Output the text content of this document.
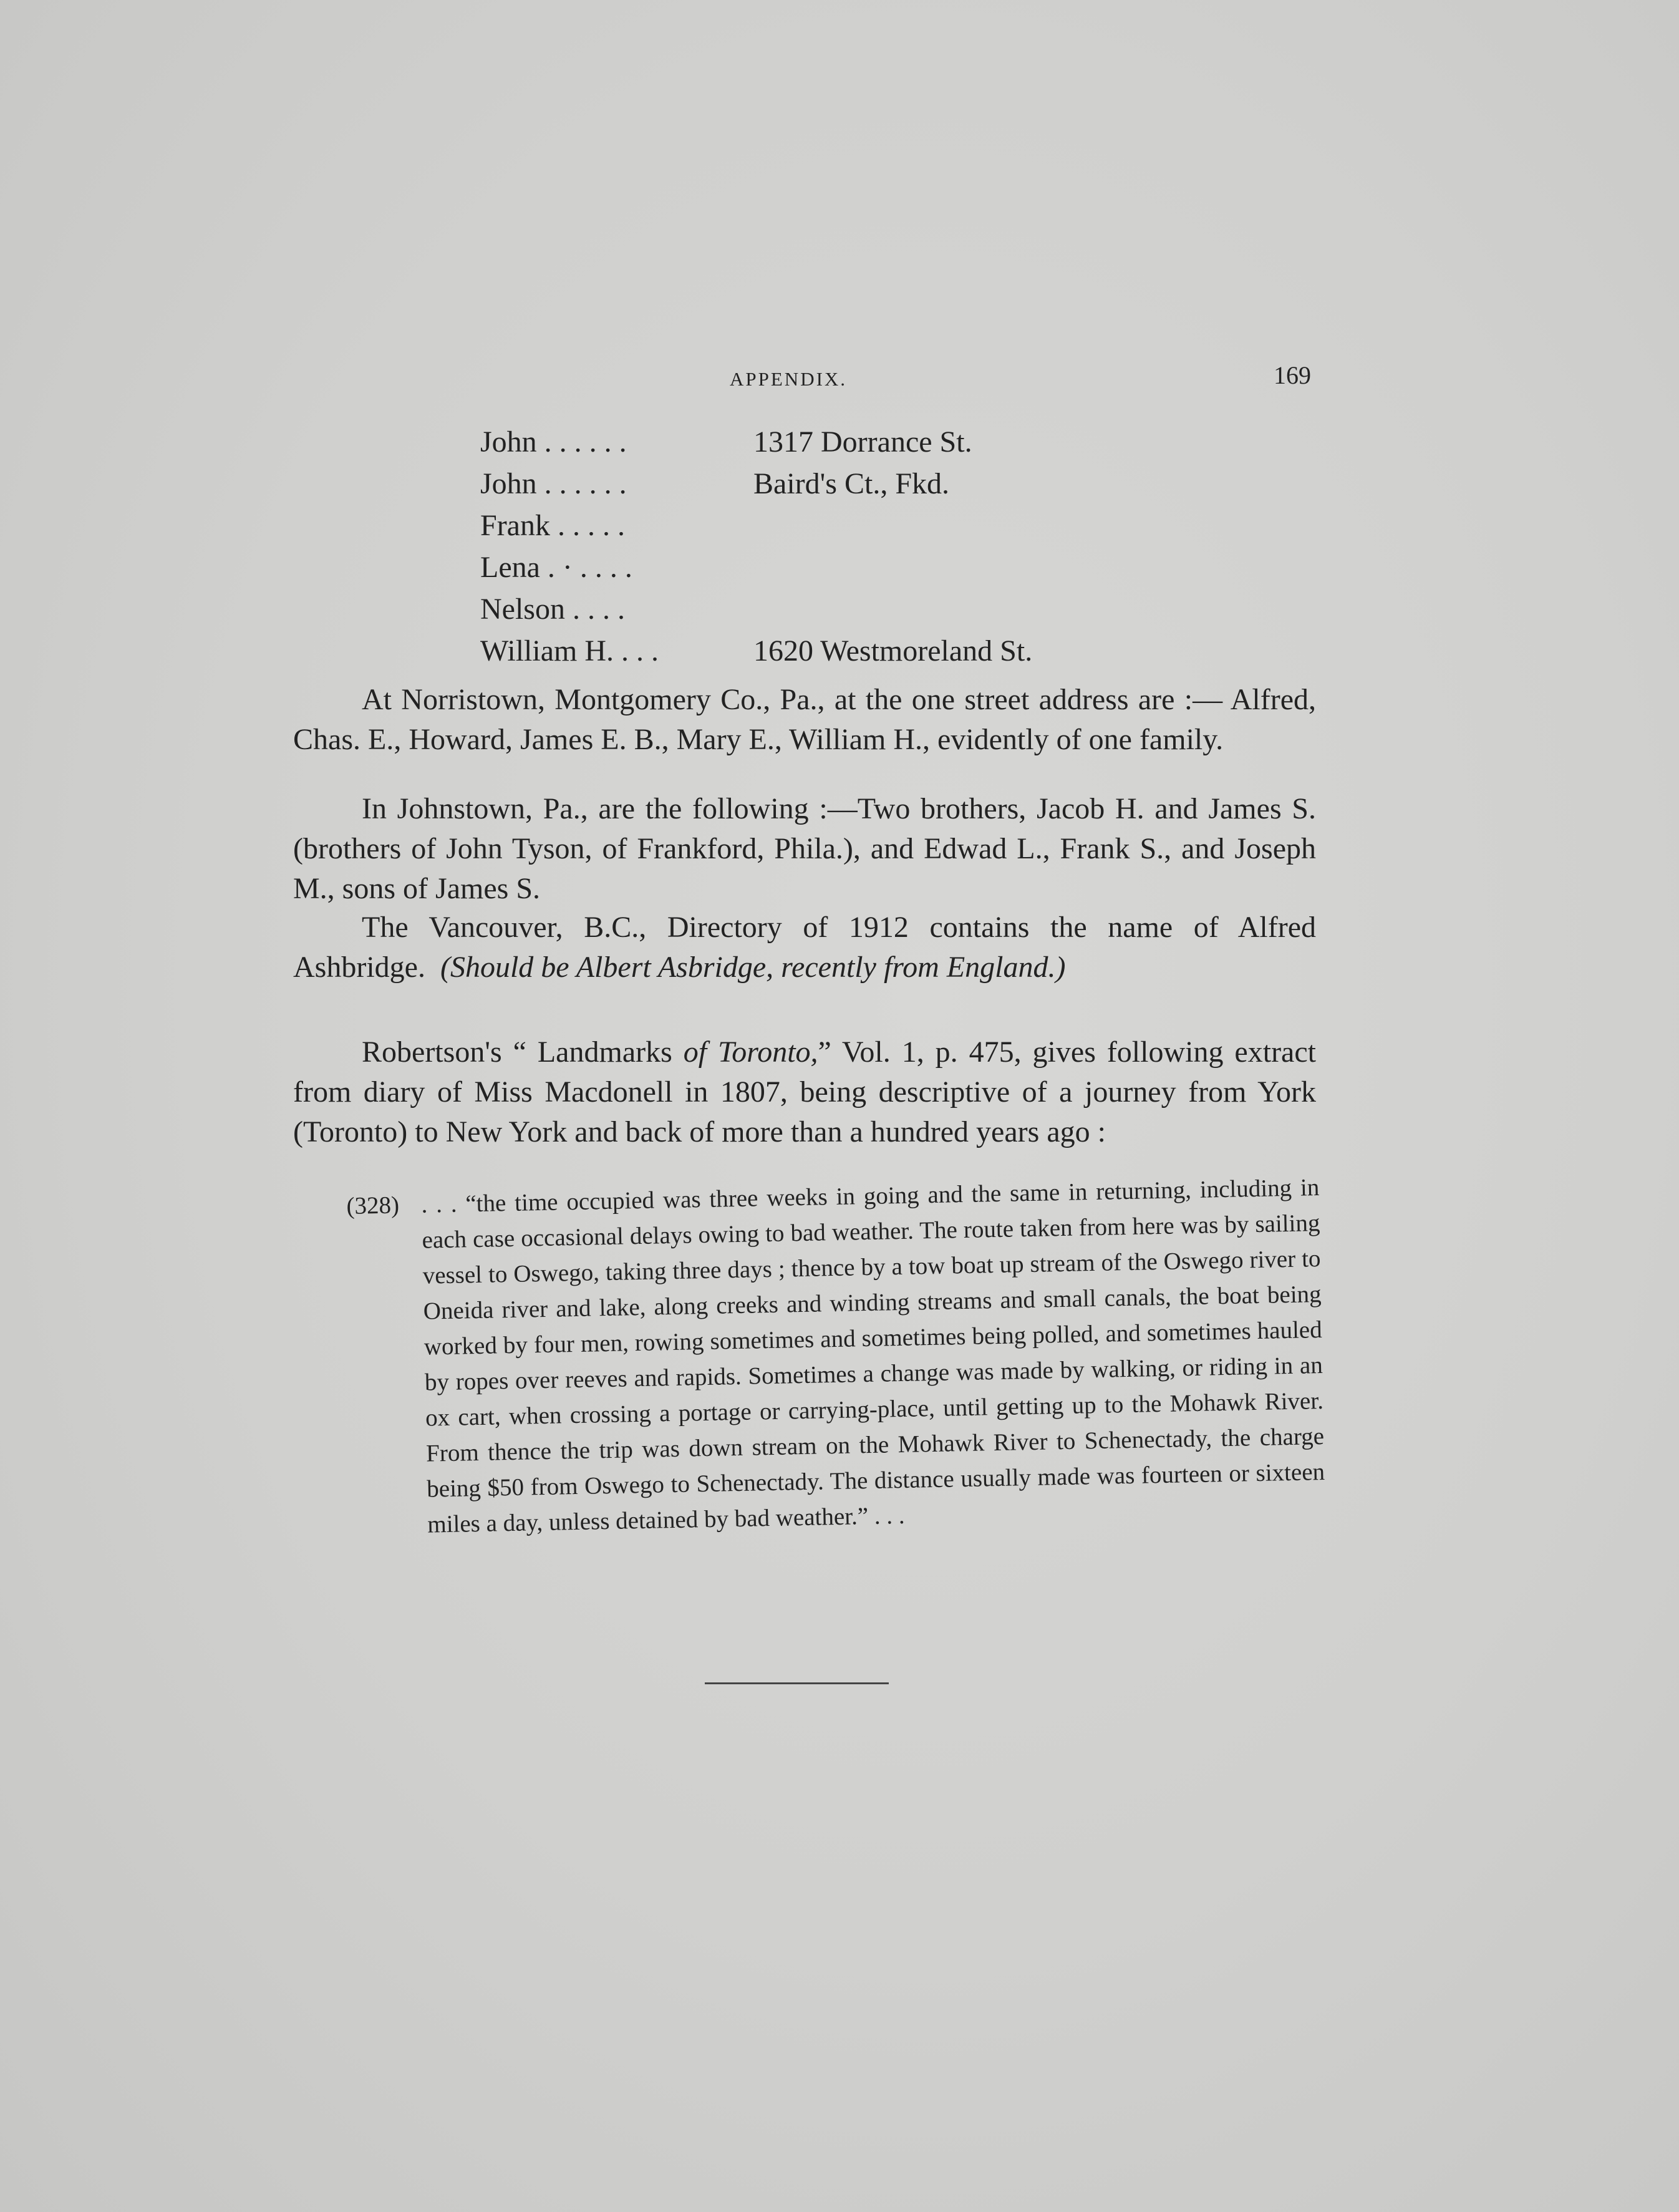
APPENDIX.	169
John . . . . . .	1317 Dorrance St.
John . . . . . .	Baird's Ct., Fkd.
Frank . . . . .
Lena . · . . . .
Nelson . . . .
William H. . . .	1620 Westmoreland St.

At Norristown, Montgomery Co., Pa., at the one street address are :— Alfred, Chas. E., Howard, James E. B., Mary E., William H., evidently of one family.

In Johnstown, Pa., are the following :—Two brothers, Jacob H. and James S. (brothers of John Tyson, of Frankford, Phila.), and Edwad L., Frank S., and Joseph M., sons of James S.

The Vancouver, B.C., Directory of 1912 contains the name of Alfred Ashbridge. (Should be Albert Asbridge, recently from England.)

Robertson's “ Landmarks of Toronto,” Vol. 1, p. 475, gives following extract from diary of Miss Macdonell in 1807, being descriptive of a journey from York (Toronto) to New York and back of more than a hundred years ago :

(328) . . . “the time occupied was three weeks in going and the same in returning, including in each case occasional delays owing to bad weather. The route taken from here was by sailing vessel to Oswego, taking three days ; thence by a tow boat up stream of the Oswego river to Oneida river and lake, along creeks and winding streams and small canals, the boat being worked by four men, rowing sometimes and sometimes being polled, and sometimes hauled by ropes over reeves and rapids. Sometimes a change was made by walking, or riding in an ox cart, when crossing a portage or carrying-place, until getting up to the Mohawk River. From thence the trip was down stream on the Mohawk River to Schenectady, the charge being $50 from Oswego to Schenectady. The distance usually made was fourteen or sixteen miles a day, unless detained by bad weather.” . . .
